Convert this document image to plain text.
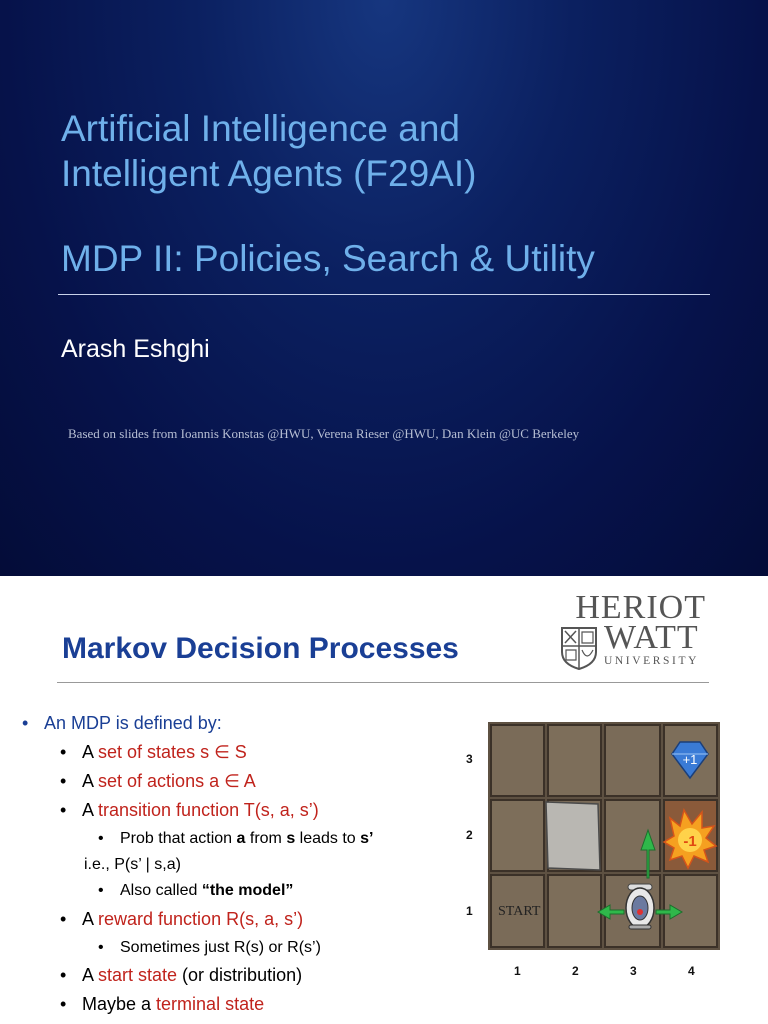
Artificial Intelligence and
Intelligent Agents (F29AI)
MDP II: Policies, Search & Utility
Arash Eshghi
Based on slides from Ioannis Konstas @HWU, Verena Rieser @HWU, Dan Klein @UC Berkeley
Markov Decision Processes
HERIOT
WATT
UNIVERSITY
• An MDP is defined by:
• A set of states s ∈ S
• A set of actions a ∈ A
• A transition function T(s, a, s’)
• Prob that action a from s leads to s’
i.e., P(s’ | s,a)
• Also called “the model”
• A reward function R(s, a, s’)
• Sometimes just R(s) or R(s’)
• A start state (or distribution)
• Maybe a terminal state
3
2
1
1	2	3	4
+1
-1
START
